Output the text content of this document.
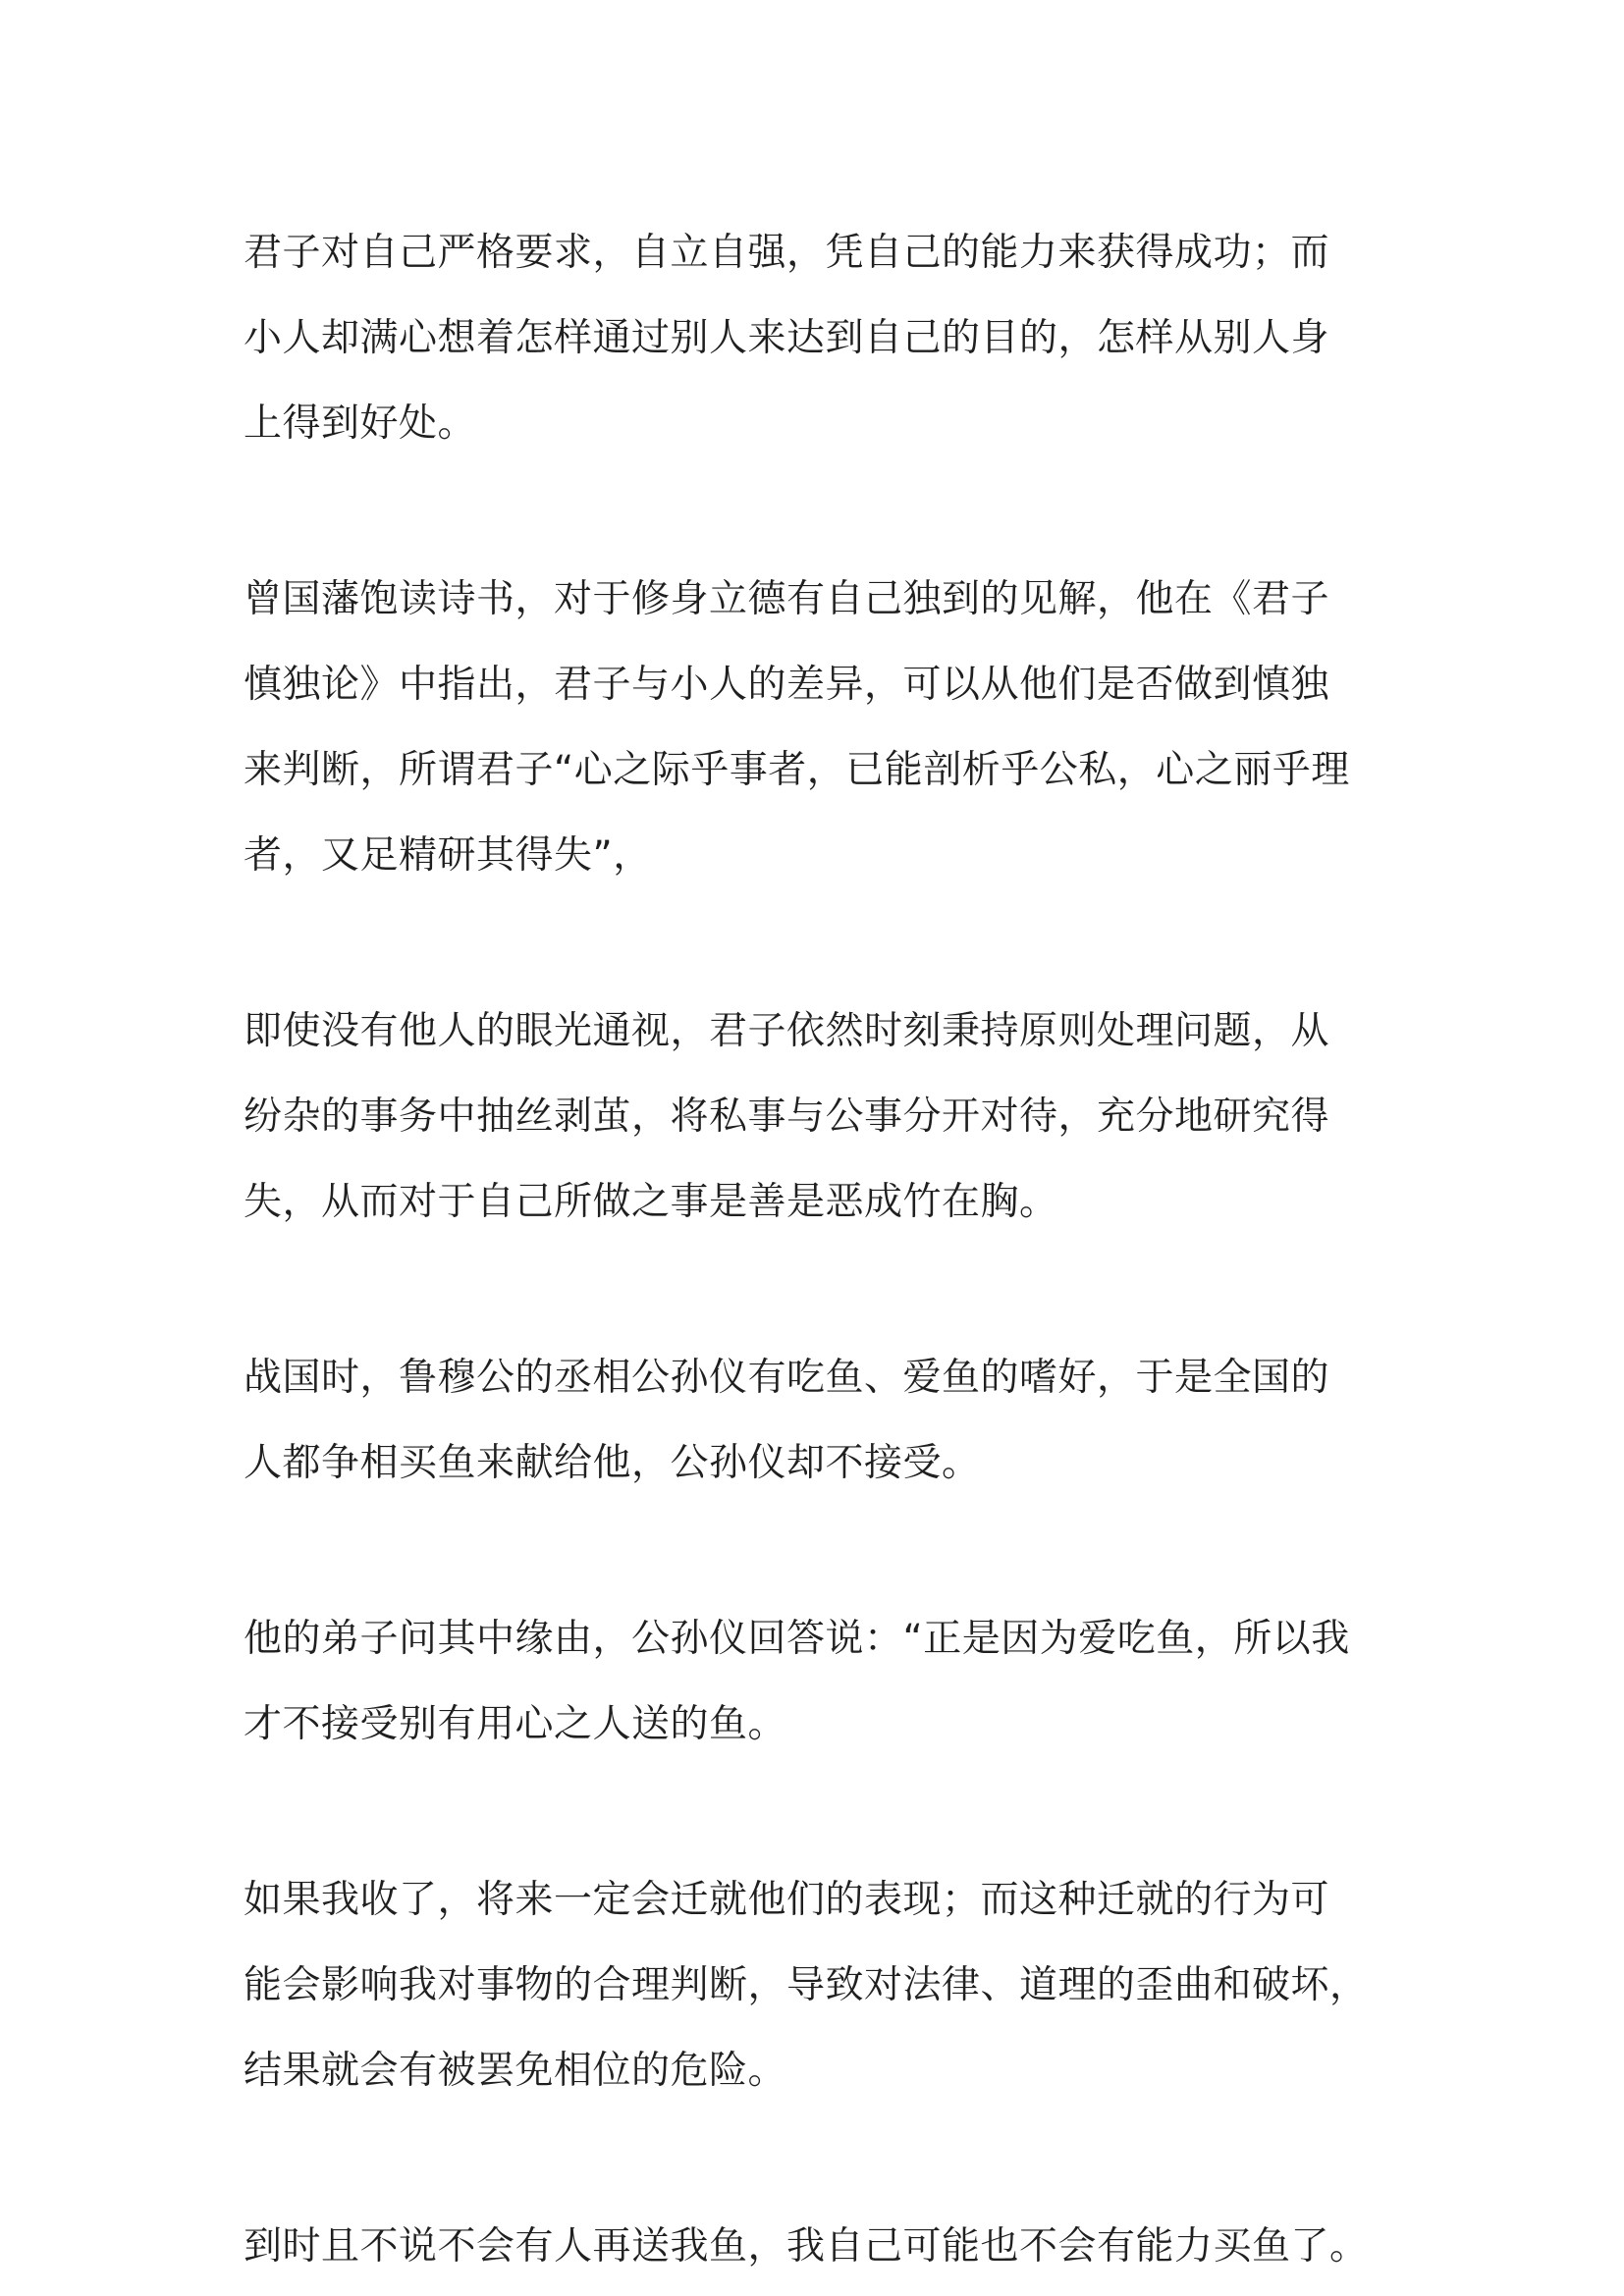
君子对自己严格要求，自立自强，凭自己的能力来获得成功；而
小人却满心想着怎样通过别人来达到自己的目的，怎样从别人身
上得到好处。

曾国藩饱读诗书，对于修身立德有自己独到的见解，他在《君子
慎独论》中指出，君子与小人的差异，可以从他们是否做到慎独
来判断，所谓君子“心之际乎事者，已能剖析乎公私，心之丽乎理
者，又足精研其得失”，

即使没有他人的眼光通视，君子依然时刻秉持原则处理问题，从
纷杂的事务中抽丝剥茧，将私事与公事分开对待，充分地研究得
失，从而对于自己所做之事是善是恶成竹在胸。

战国时，鲁穆公的丞相公孙仪有吃鱼、爱鱼的嗜好，于是全国的
人都争相买鱼来献给他，公孙仪却不接受。

他的弟子问其中缘由，公孙仪回答说：“正是因为爱吃鱼，所以我
才不接受别有用心之人送的鱼。

如果我收了，将来一定会迁就他们的表现；而这种迁就的行为可
能会影响我对事物的合理判断，导致对法律、道理的歪曲和破坏，
结果就会有被罢免相位的危险。

到时且不说不会有人再送我鱼，我自己可能也不会有能力买鱼了。
